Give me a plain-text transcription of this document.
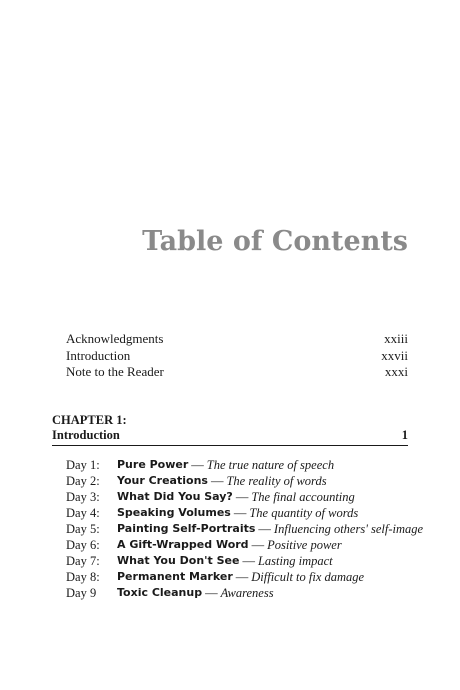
Table of Contents
Acknowledgments	xxiii
Introduction	xxvii
Note to the Reader	xxxi
CHAPTER 1:
Introduction	1
Day 1:	Pure Power — The true nature of speech
Day 2:	Your Creations — The reality of words
Day 3:	What Did You Say? — The final accounting
Day 4:	Speaking Volumes — The quantity of words
Day 5:	Painting Self-Portraits — Influencing others' self-image
Day 6:	A Gift-Wrapped Word — Positive power
Day 7:	What You Don't See — Lasting impact
Day 8:	Permanent Marker — Difficult to fix damage
Day 9	Toxic Cleanup — Awareness
